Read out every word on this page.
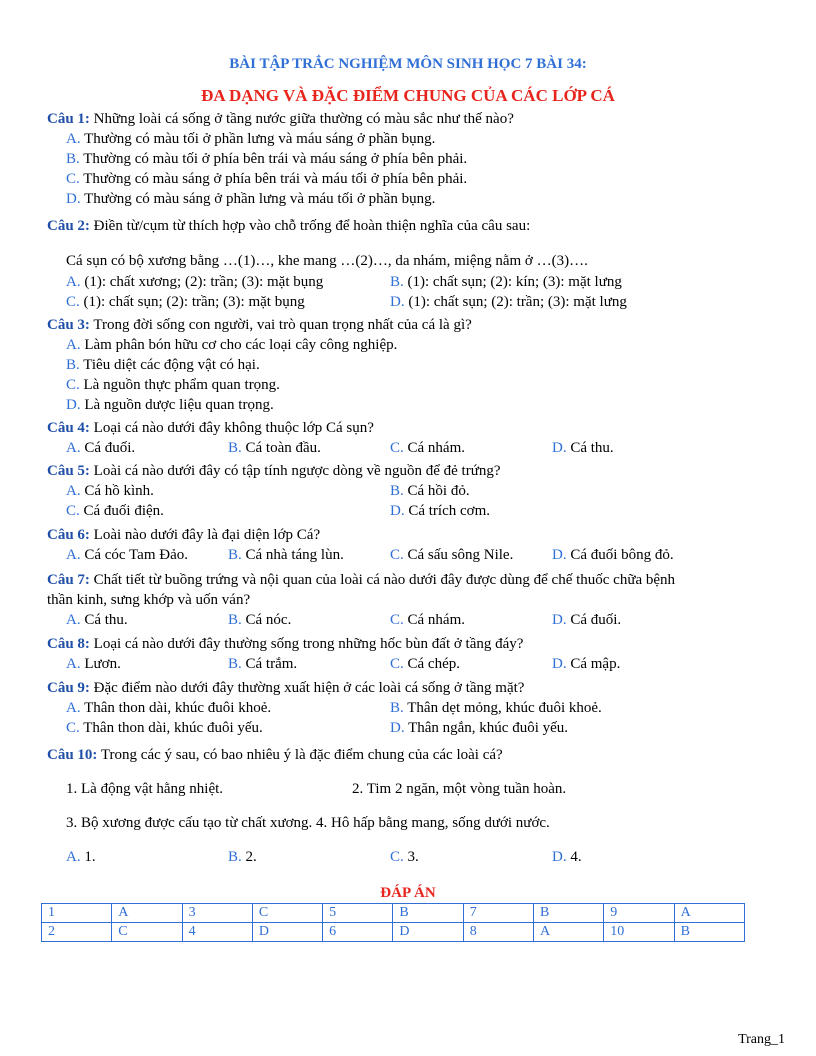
BÀI TẬP TRẮC NGHIỆM MÔN SINH HỌC 7 BÀI 34:
ĐA DẠNG VÀ ĐẶC ĐIỂM CHUNG CỦA CÁC LỚP CÁ
Câu 1: Những loài cá sống ở tầng nước giữa thường có màu sắc như thế nào?
A. Thường có màu tối ở phần lưng và máu sáng ở phần bụng.
B. Thường có màu tối ở phía bên trái và máu sáng ở phía bên phải.
C. Thường có màu sáng ở phía bên trái và máu tối ở phía bên phải.
D. Thường có màu sáng ở phần lưng và máu tối ở phần bụng.
Câu 2: Điền từ/cụm từ thích hợp vào chỗ trống để hoàn thiện nghĩa của câu sau:
Cá sụn có bộ xương bằng …(1)…, khe mang …(2)…, da nhám, miệng nằm ở …(3)….
A. (1): chất xương; (2): trần; (3): mặt bụng	B. (1): chất sụn; (2): kín; (3): mặt lưng
C. (1): chất sụn; (2): trần; (3): mặt bụng	D. (1): chất sụn; (2): trần; (3): mặt lưng
Câu 3: Trong đời sống con người, vai trò quan trọng nhất của cá là gì?
A. Làm phân bón hữu cơ cho các loại cây công nghiệp.
B. Tiêu diệt các động vật có hại.
C. Là nguồn thực phẩm quan trọng.
D. Là nguồn dược liệu quan trọng.
Câu 4: Loại cá nào dưới đây không thuộc lớp Cá sụn?
A. Cá đuối.	B. Cá toàn đầu.	C. Cá nhám.	D. Cá thu.
Câu 5: Loài cá nào dưới đây có tập tính ngược dòng về nguồn để đẻ trứng?
A. Cá hồ kình.	B. Cá hồi đỏ.
C. Cá đuối điện.	D. Cá trích cơm.
Câu 6: Loài nào dưới đây là đại diện lớp Cá?
A. Cá cóc Tam Đảo.	B. Cá nhà táng lùn.	C. Cá sấu sông Nile.	D. Cá đuối bông đỏ.
Câu 7: Chất tiết từ buồng trứng và nội quan của loài cá nào dưới đây được dùng để chế thuốc chữa bệnh
thần kinh, sưng khớp và uốn ván?
A. Cá thu.	B. Cá nóc.	C. Cá nhám.	D. Cá đuối.
Câu 8: Loại cá nào dưới đây thường sống trong những hốc bùn đất ở tầng đáy?
A. Lươn.	B. Cá trắm.	C. Cá chép.	D. Cá mập.
Câu 9: Đặc điểm nào dưới đây thường xuất hiện ở các loài cá sống ở tầng mặt?
A. Thân thon dài, khúc đuôi khoẻ.	B. Thân dẹt mỏng, khúc đuôi khoẻ.
C. Thân thon dài, khúc đuôi yếu.	D. Thân ngắn, khúc đuôi yếu.
Câu 10: Trong các ý sau, có bao nhiêu ý là đặc điểm chung của các loài cá?
1. Là động vật hằng nhiệt.	2. Tim 2 ngăn, một vòng tuần hoàn.
3. Bộ xương được cấu tạo từ chất xương. 4. Hô hấp bằng mang, sống dưới nước.
A. 1.	B. 2.	C. 3.	D. 4.
ĐÁP ÁN
1	A	3	C	5	B	7	B	9	A
2	C	4	D	6	D	8	A	10	B
Trang_1
